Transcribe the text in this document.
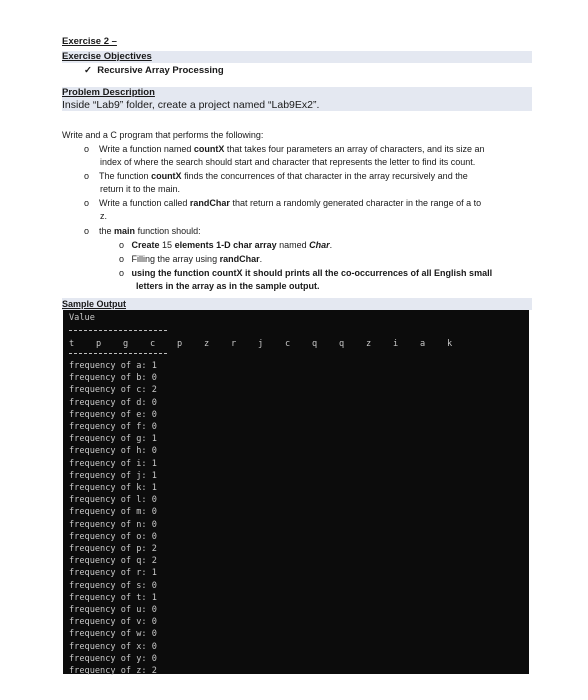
Exercise 2 –
Exercise Objectives
✓ Recursive Array Processing
Problem Description
Inside “Lab9” folder, create a project named “Lab9Ex2”.
Write and a C program that performs the following:
o Write a function named countX that takes four parameters an array of characters, and its size an
index of where the search should start and character that represents the letter to find its count.
o The function countX finds the concurrences of that character in the array recursively and the
return it to the main.
o Write a function called randChar that return a randomly generated character in the range of a to
z.
o the main function should:
o Create 15 elements 1-D char array named Char.
o Filling the array using randChar.
o using the function countX it should prints all the co-occurrences of all English small
letters in the array as in the sample output.
Sample Output
Value
t	p	g	c	p	z	r	j	c	q	q	z	i	a	k
frequency of a: 1
frequency of b: 0
frequency of c: 2
frequency of d: 0
frequency of e: 0
frequency of f: 0
frequency of g: 1
frequency of h: 0
frequency of i: 1
frequency of j: 1
frequency of k: 1
frequency of l: 0
frequency of m: 0
frequency of n: 0
frequency of o: 0
frequency of p: 2
frequency of q: 2
frequency of r: 1
frequency of s: 0
frequency of t: 1
frequency of u: 0
frequency of v: 0
frequency of w: 0
frequency of x: 0
frequency of y: 0
frequency of z: 2
